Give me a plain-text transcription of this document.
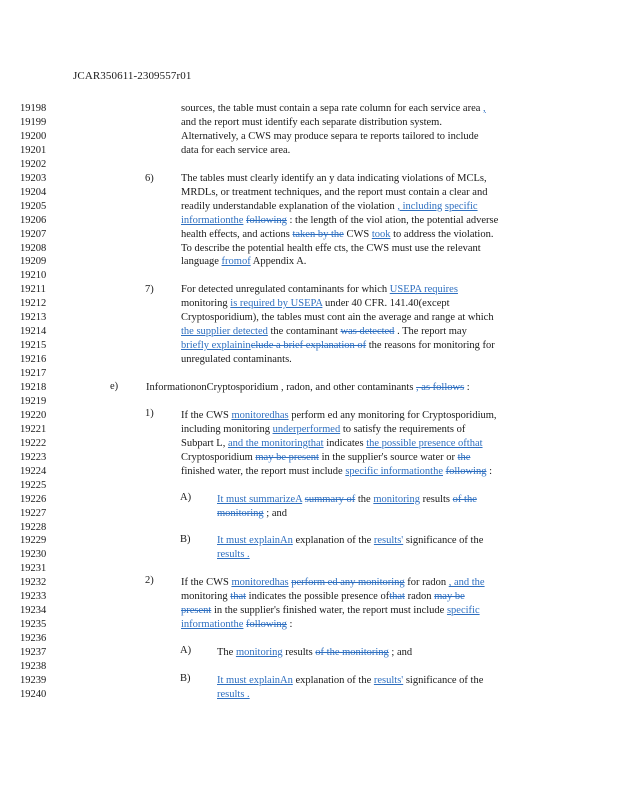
JCAR350611-2309557r01
19198
19199
19200
19201
19202
19203
19204
19205
19206
19207
19208
19209
19210
19211
19212
19213
19214
19215
19216
19217
19218
19219
19220
19221
19222
19223
19224
19225
19226
19227
19228
19229
19230
19231
19232
19233
19234
19235
19236
19237
19238
19239
19240
6)
7)
e)
1)
A)
B)
2)
A)
B)
sources, the table must contain a sepa rate column for each service area ,
and the report must identify each separate distribution system.
Alternatively, a CWS may produce separa te reports tailored to include
data for each service area.
The tables must clearly identify an y data indicating violations of MCLs,
MRDLs, or treatment techniques, and the report must contain a clear and
readily understandable explanation of the violation , including specific
informationthe following : the length of the viol ation, the potential adverse
health effects, and actions taken by the CWS took to address the violation.
To describe the potential health effe cts, the CWS must use the relevant
language fromof Appendix A.
For detected unregulated contaminants for which USEPA requires
monitoring is required by USEPA under 40 CFR. 141.40(except
Cryptosporidium), the tables must cont ain the average and range at which
the supplier detected the contaminant was detected . The report may
briefly explaininclude a brief explanation of the reasons for monitoring for
unregulated contaminants.
InformationonCryptosporidium , radon, and other contaminants , as follows :
If the CWS monitoredhas perform ed any monitoring for Cryptosporidium,
including monitoring underperformed to satisfy the requirements of
Subpart L, and the monitoringthat indicates the possible presence ofthat
Cryptosporidium may be present in the supplier's source water or the
finished water, the report must include specific informationthe following :
It must summarizeA summary of the monitoring results of the
monitoring ; and
It must explainAn explanation of the results' significance of the
results .
If the CWS monitoredhas perform ed any monitoring for radon , and the
monitoring that indicates the possible presence ofthat radon may be
present in the supplier's finished water, the report must include specific
informationthe following :
The monitoring results of the monitoring ; and
It must explainAn explanation of the results' significance of the
results .
